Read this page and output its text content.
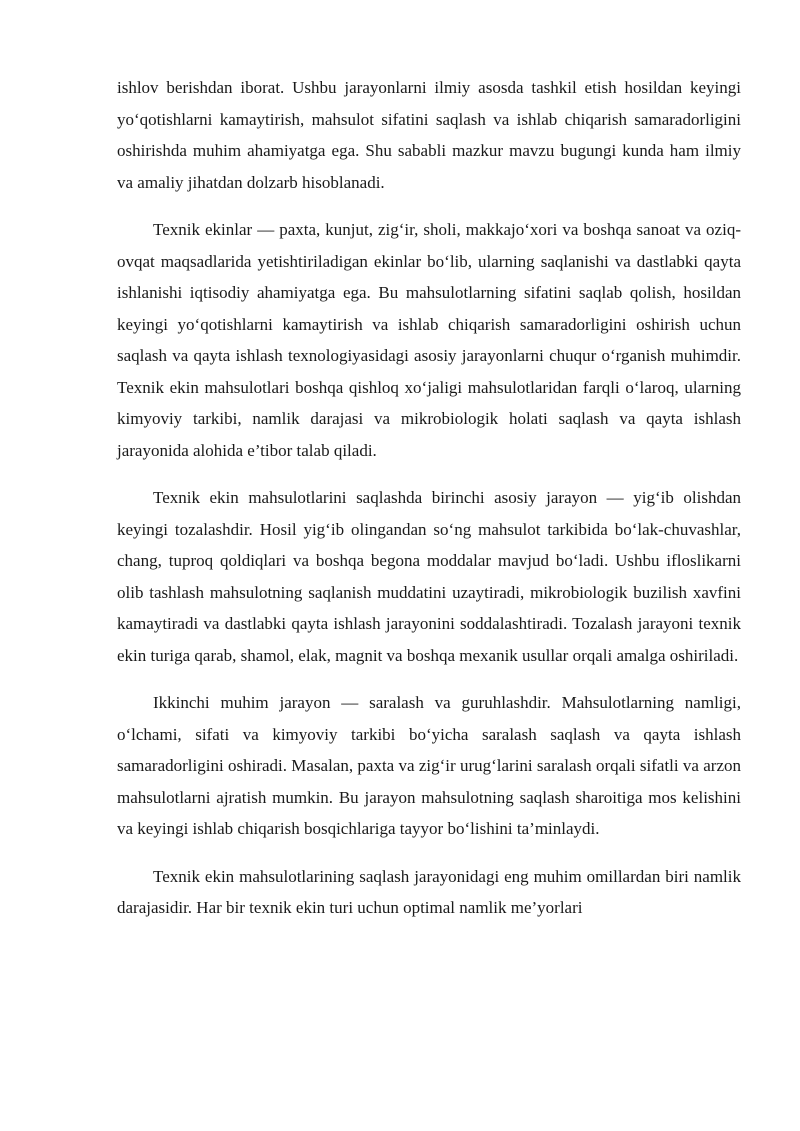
ishlov berishdan iborat. Ushbu jarayonlarni ilmiy asosda tashkil etish hosildan keyingi yo‘qotishlarni kamaytirish, mahsulot sifatini saqlash va ishlab chiqarish samaradorligini oshirishda muhim ahamiyatga ega. Shu sababli mazkur mavzu bugungi kunda ham ilmiy va amaliy jihatdan dolzarb hisoblanadi.

Texnik ekinlar — paxta, kunjut, zig‘ir, sholi, makkajo‘xori va boshqa sanoat va oziq-ovqat maqsadlarida yetishtiriladigan ekinlar bo‘lib, ularning saqlanishi va dastlabki qayta ishlanishi iqtisodiy ahamiyatga ega. Bu mahsulotlarning sifatini saqlab qolish, hosildan keyingi yo‘qotishlarni kamaytirish va ishlab chiqarish samaradorligini oshirish uchun saqlash va qayta ishlash texnologiyasidagi asosiy jarayonlarni chuqur o‘rganish muhimdir. Texnik ekin mahsulotlari boshqa qishloq xo‘jaligi mahsulotlaridan farqli o‘laroq, ularning kimyoviy tarkibi, namlik darajasi va mikrobiologik holati saqlash va qayta ishlash jarayonida alohida e’tibor talab qiladi.

Texnik ekin mahsulotlarini saqlashda birinchi asosiy jarayon — yig‘ib olishdan keyingi tozalashdir. Hosil yig‘ib olingandan so‘ng mahsulot tarkibida bo‘lak-chuvashlar, chang, tuproq qoldiqlari va boshqa begona moddalar mavjud bo‘ladi. Ushbu ifloslikarni olib tashlash mahsulotning saqlanish muddatini uzaytiradi, mikrobiologik buzilish xavfini kamaytiradi va dastlabki qayta ishlash jarayonini soddalashtiradi. Tozalash jarayoni texnik ekin turiga qarab, shamol, elak, magnit va boshqa mexanik usullar orqali amalga oshiriladi.

Ikkinchi muhim jarayon — saralash va guruhlashdir. Mahsulotlarning namligi, o‘lchami, sifati va kimyoviy tarkibi bo‘yicha saralash saqlash va qayta ishlash samaradorligini oshiradi. Masalan, paxta va zig‘ir urug‘larini saralash orqali sifatli va arzon mahsulotlarni ajratish mumkin. Bu jarayon mahsulotning saqlash sharoitiga mos kelishini va keyingi ishlab chiqarish bosqichlariga tayyor bo‘lishini ta’minlaydi.

Texnik ekin mahsulotlarining saqlash jarayonidagi eng muhim omillardan biri namlik darajasidir. Har bir texnik ekin turi uchun optimal namlik me’yorlari
